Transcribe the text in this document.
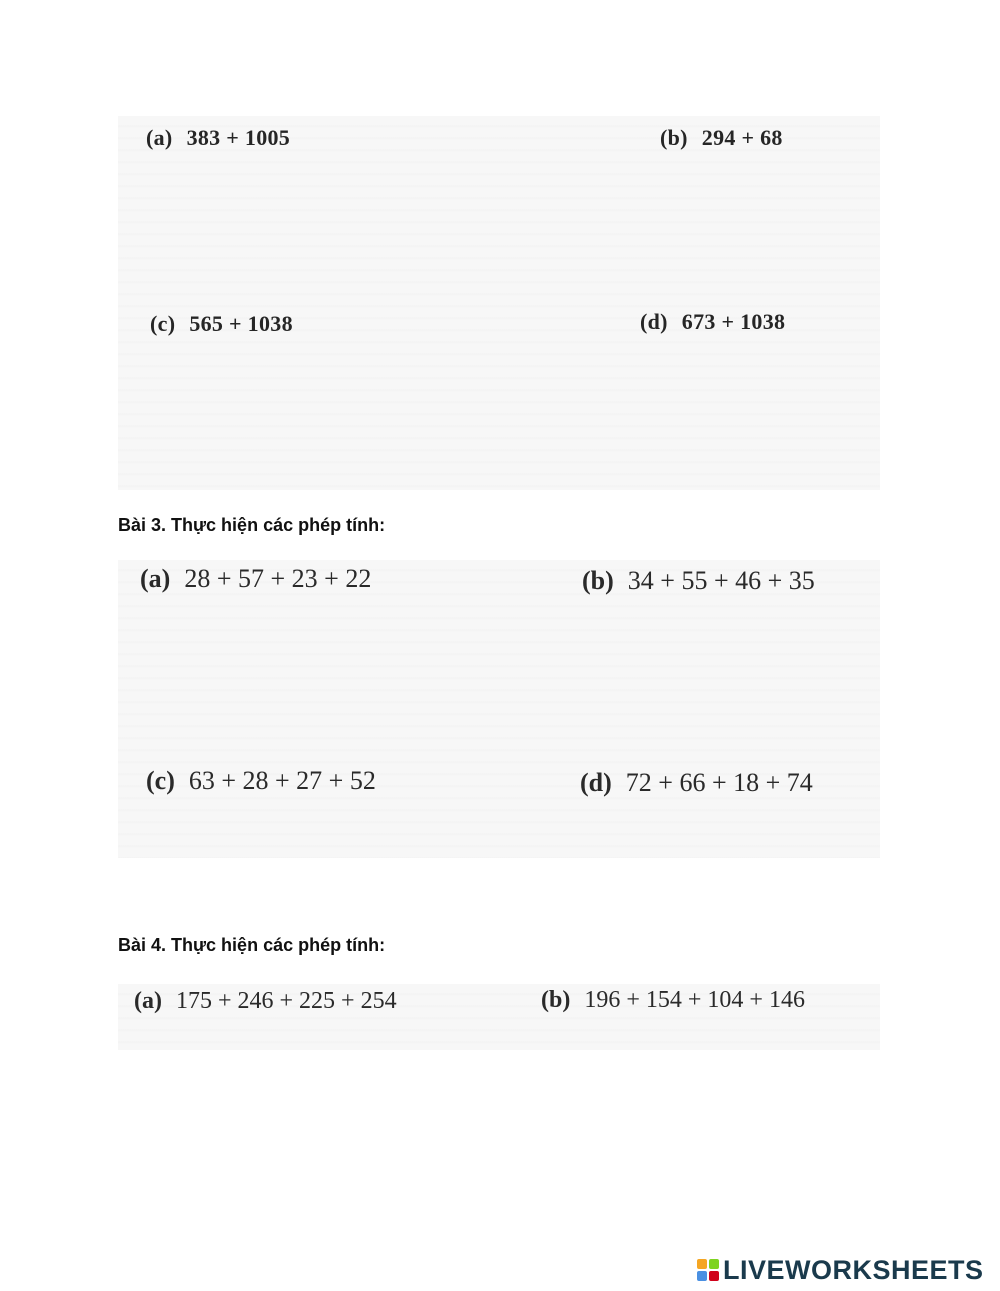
(a) 383 + 1005	(b) 294 + 68
(c) 565 + 1038	(d) 673 + 1038
Bài 3. Thực hiện các phép tính:
(a) 28 + 57 + 23 + 22	(b) 34 + 55 + 46 + 35
(c) 63 + 28 + 27 + 52	(d) 72 + 66 + 18 + 74
Bài 4. Thực hiện các phép tính:
(a) 175 + 246 + 225 + 254	(b) 196 + 154 + 104 + 146
LIVEWORKSHEETS
